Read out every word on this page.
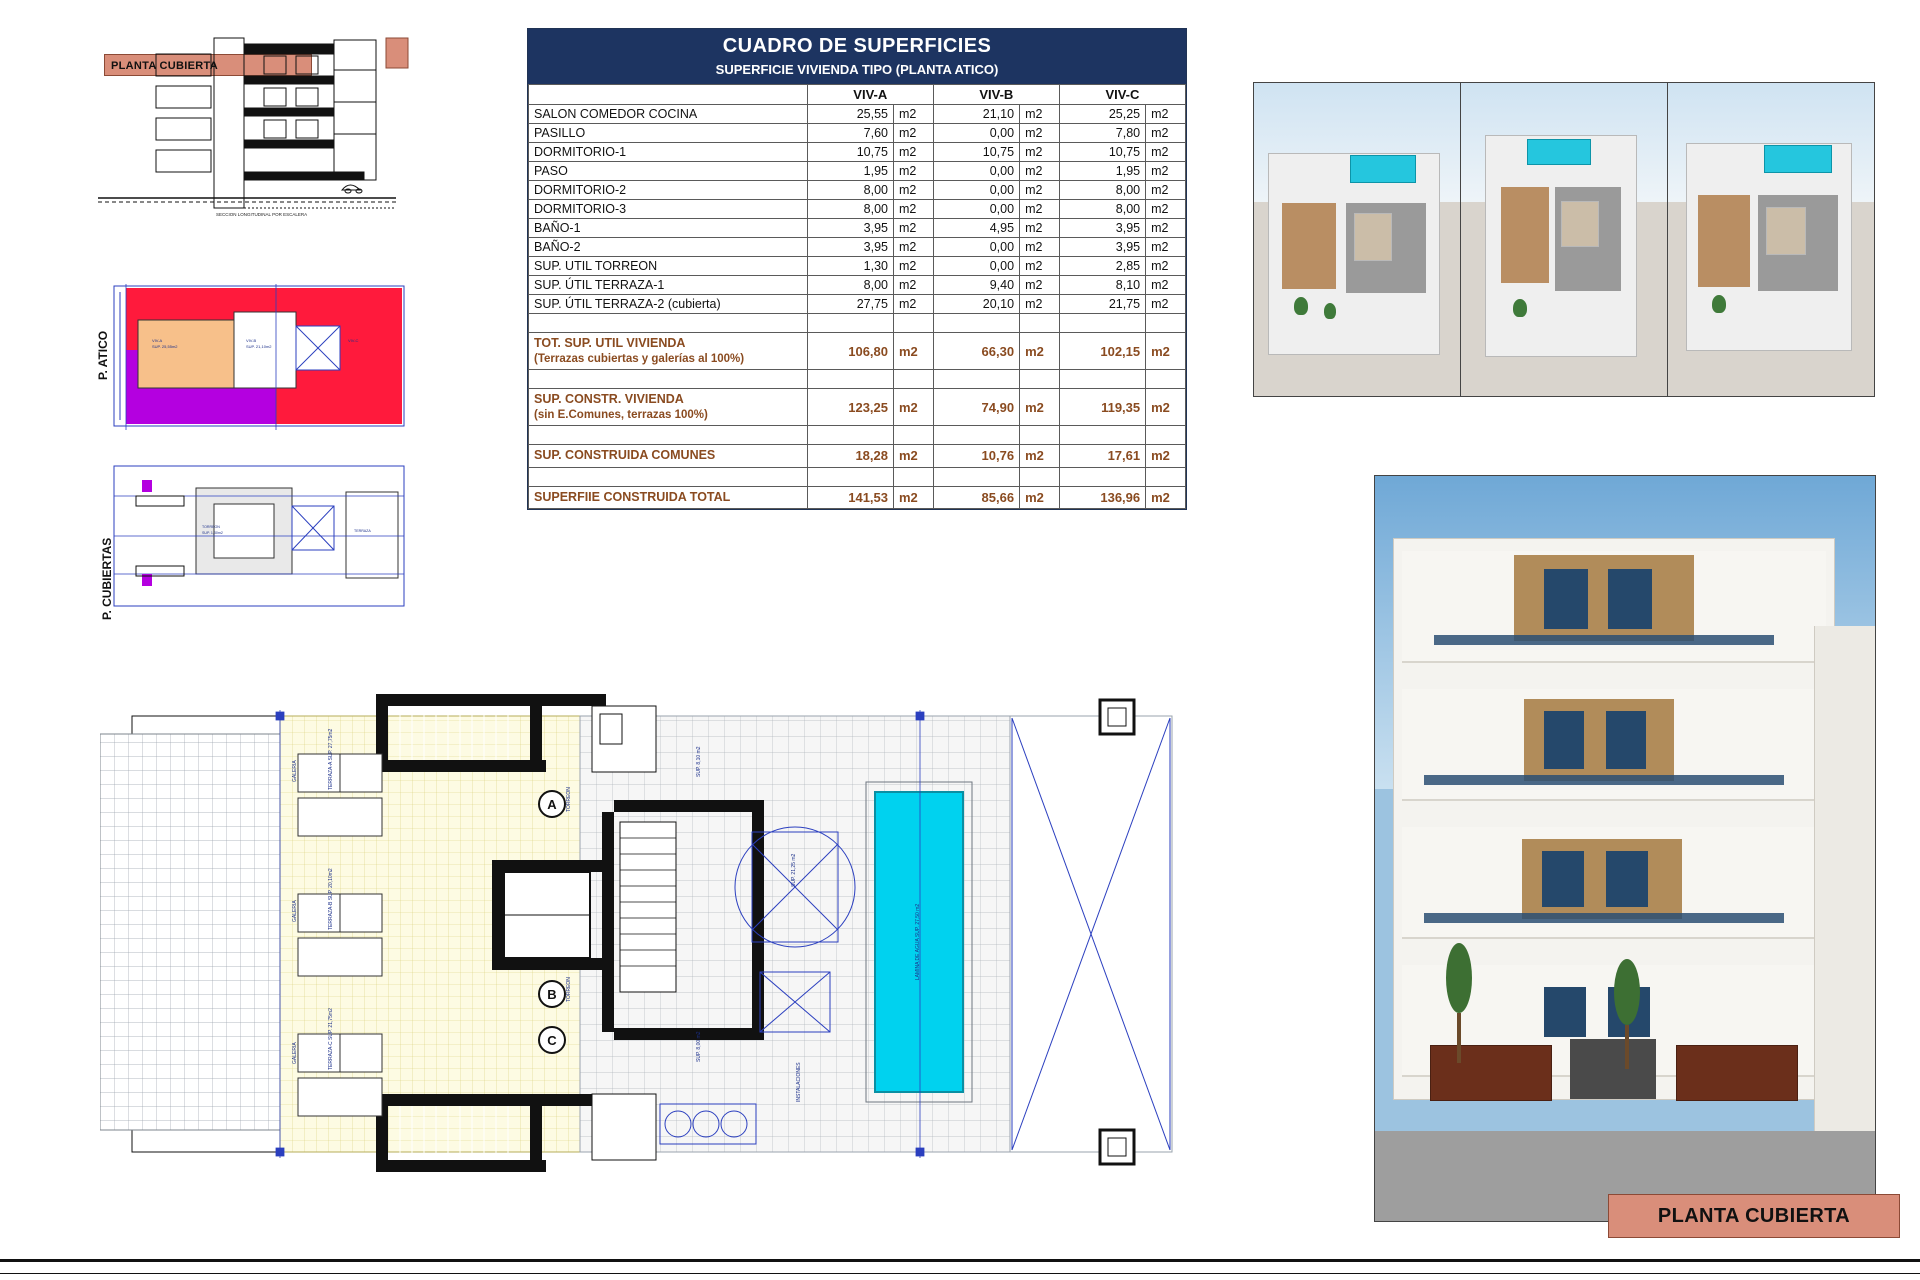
PLANTA CUBIERTA
SECCION LONGITUDINAL POR ESCALERA
P. ATICO	VIV-A
SUP. 25,55m2
VIV-B
SUP. 21,10m2
VIV-C
P. CUBIERTAS
TORREON
SUP. 1,30m2	TERRAZA
CUADRO DE SUPERFICIES
SUPERFICIE VIVIENDA TIPO (PLANTA ATICO)
	VIV-A		VIV-B		VIV-C	
SALON COMEDOR COCINA	25,55	m2	21,10	m2	25,25	m2
PASILLO	7,60	m2	0,00	m2	7,80	m2
DORMITORIO-1	10,75	m2	10,75	m2	10,75	m2
PASO	1,95	m2	0,00	m2	1,95	m2
DORMITORIO-2	8,00	m2	0,00	m2	8,00	m2
DORMITORIO-3	8,00	m2	0,00	m2	8,00	m2
BAÑO-1	3,95	m2	4,95	m2	3,95	m2
BAÑO-2	3,95	m2	0,00	m2	3,95	m2
SUP. UTIL TORREON	1,30	m2	0,00	m2	2,85	m2
SUP. ÚTIL TERRAZA-1	8,00	m2	9,40	m2	8,10	m2
SUP. ÚTIL TERRAZA-2 (cubierta)	27,75	m2	20,10	m2	21,75	m2

TOT. SUP. UTIL VIVIENDA
(Terrazas cubiertas y galerías al 100%)	106,80	m2	66,30	m2	102,15	m2

SUP. CONSTR. VIVIENDA
(sin E.Comunes, terrazas 100%)	123,25	m2	74,90	m2	119,35	m2

SUP. CONSTRUIDA COMUNES	18,28	m2	10,76	m2	17,61	m2

SUPERFIIE CONSTRUIDA TOTAL	141,53	m2	85,66	m2	136,96	m2
PLANTA CUBIERTA
LAMINA DE AGUA SUP. 27,50 m2
A
B
C
TERRAZA-A SUP. 27,75m2
TERRAZA-B SUP. 20,10m2
TERRAZA-C SUP. 21,75m2
GALERIA
GALERIA
GALERIA
TORREON
TORREON
SUP. 8,10 m2
SUP. 8,00 m2
INSTALACIONES
SUP. 21,25 m2
